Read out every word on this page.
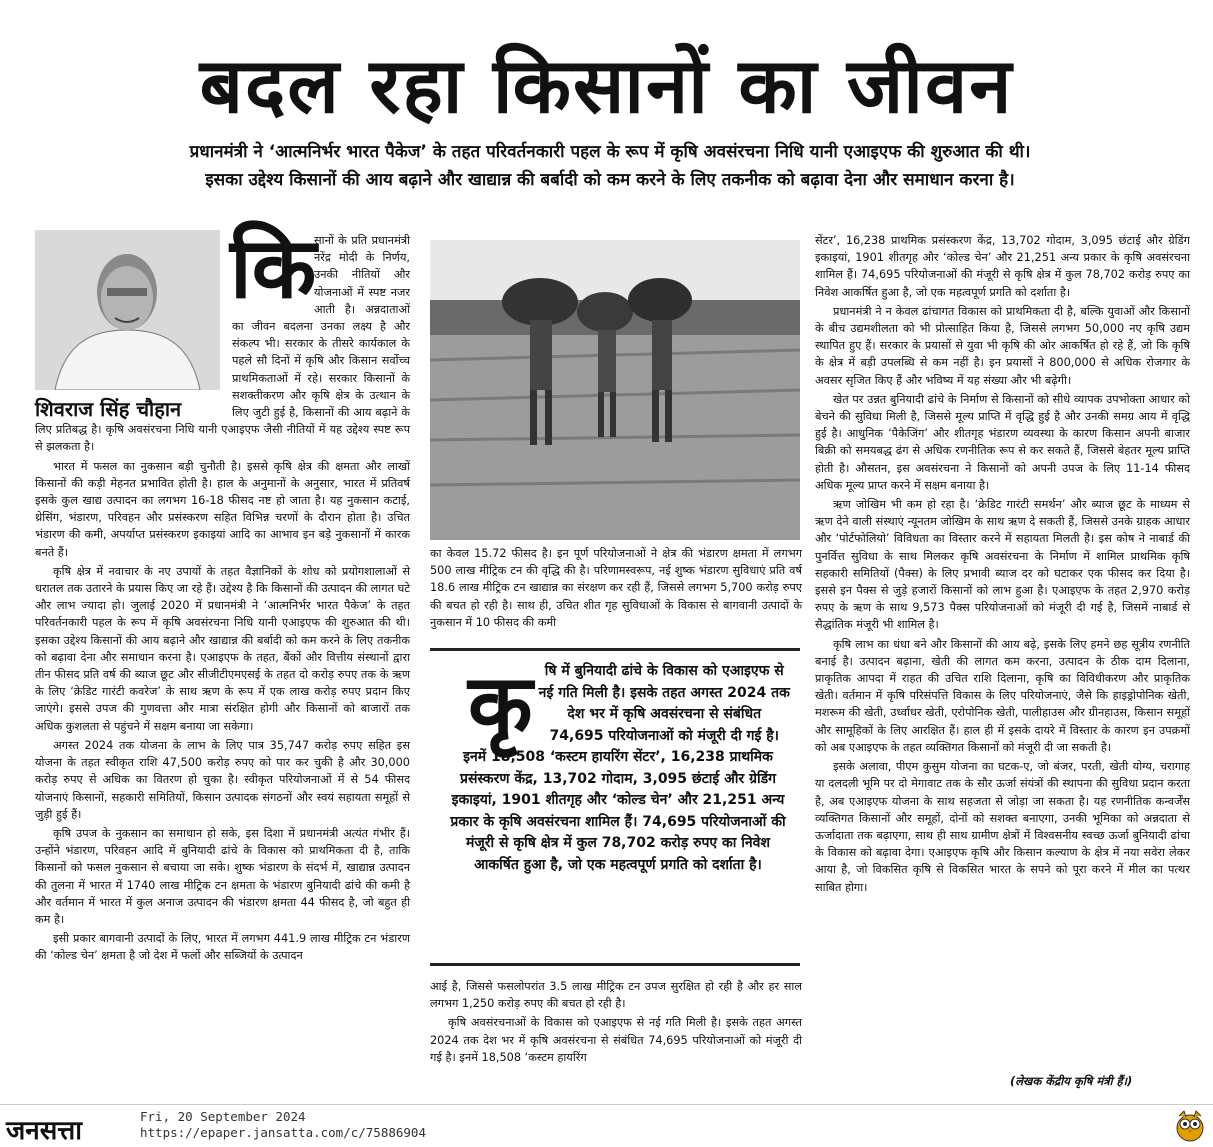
बदल रहा किसानों का जीवन
प्रधानमंत्री ने ‘आत्मनिर्भर भारत पैकेज’ के तहत परिवर्तनकारी पहल के रूप में कृषि अवसंरचना निधि यानी एआइएफ की शुरुआत की थी।
इसका उद्देश्य किसानों की आय बढ़ाने और खाद्यान्न की बर्बादी को कम करने के लिए तकनीक को बढ़ावा देना और समाधान करना है।
शिवराज सिंह चौहान
कि

सानों के प्रति प्रधानमंत्री नरेंद्र मोदी के निर्णय, उनकी नीतियों और योजनाओं में स्पष्ट नजर आती है। अन्नदाताओं का जीवन बदलना उनका लक्ष्य है और संकल्प भी। सरकार के तीसरे कार्यकाल के पहले सौ दिनों में कृषि और किसान सर्वोच्च प्राथमिकताओं में रहे। सरकार किसानों के सशक्तीकरण और कृषि क्षेत्र के उत्थान के लिए जुटी हुई है, किसानों की आय बढ़ाने के लिए प्रतिबद्ध है। कृषि अवसंरचना निधि यानी एआइएफ जैसी नीतियों में यह उद्देश्य स्पष्ट रूप से झलकता है।

भारत में फसल का नुकसान बड़ी चुनौती है। इससे कृषि क्षेत्र की क्षमता और लाखों किसानों की कड़ी मेहनत प्रभावित होती है। हाल के अनुमानों के अनुसार, भारत में प्रतिवर्ष इसके कुल खाद्य उत्पादन का लगभग 16-18 फीसद नष्ट हो जाता है। यह नुकसान कटाई, थ्रेसिंग, भंडारण, परिवहन और प्रसंस्करण सहित विभिन्न चरणों के दौरान होता है। उचित भंडारण की कमी, अपर्याप्त प्रसंस्करण इकाइयां आदि का आभाव इन बड़े नुकसानों में कारक बनते हैं।

कृषि क्षेत्र में नवाचार के नए उपायों के तहत वैज्ञानिकों के शोध को प्रयोगशालाओं से धरातल तक उतारने के प्रयास किए जा रहे हैं। उद्देश्य है कि किसानों की उत्पादन की लागत घटे और लाभ ज्यादा हो। जुलाई 2020 में प्रधानमंत्री ने ‘आत्मनिर्भर भारत पैकेज’ के तहत परिवर्तनकारी पहल के रूप में कृषि अवसंरचना निधि यानी एआइएफ की शुरुआत की थी। इसका उद्देश्य किसानों की आय बढ़ाने और खाद्यान्न की बर्बादी को कम करने के लिए तकनीक को बढ़ावा देना और समाधान करना है। एआइएफ के तहत, बैंकों और वित्तीय संस्थानों द्वारा तीन फीसद प्रति वर्ष की ब्याज छूट और सीजीटीएमएसई के तहत दो करोड़ रुपए तक के ऋण के लिए ‘क्रेडिट गारंटी कवरेज’ के साथ ऋण के रूप में एक लाख करोड़ रुपए प्रदान किए जाएंगे। इससे उपज की गुणवत्ता और मात्रा संरक्षित होगी और किसानों को बाजारों तक अधिक कुशलता से पहुंचने में सक्षम बनाया जा सकेगा।

अगस्त 2024 तक योजना के लाभ के लिए पात्र 35,747 करोड़ रुपए सहित इस योजना के तहत स्वीकृत राशि 47,500 करोड़ रुपए को पार कर चुकी है और 30,000 करोड़ रुपए से अधिक का वितरण हो चुका है। स्वीकृत परियोजनाओं में से 54 फीसद योजनाएं किसानों, सहकारी समितियों, किसान उत्पादक संगठनों और स्वयं सहायता समूहों से जुड़ी हुई हैं।

कृषि उपज के नुकसान का समाधान हो सके, इस दिशा में प्रधानमंत्री अत्यंत गंभीर हैं। उन्होंने भंडारण, परिवहन आदि में बुनियादी ढांचे के विकास को प्राथमिकता दी है, ताकि किसानों को फसल नुकसान से बचाया जा सके। शुष्क भंडारण के संदर्भ में, खाद्यान्न उत्पादन की तुलना में भारत में 1740 लाख मीट्रिक टन क्षमता के भंडारण बुनियादी ढांचे की कमी है और वर्तमान में भारत में कुल अनाज उत्पादन की भंडारण क्षमता 44 फीसद है, जो बहुत ही कम है।

इसी प्रकार बागवानी उत्पादों के लिए, भारत में लगभग 441.9 लाख मीट्रिक टन भंडारण की ‘कोल्ड चेन’ क्षमता है जो देश में फलों और सब्जियों के उत्पादन

का केवल 15.72 फीसद है। इन पूर्ण परियोजनाओं ने क्षेत्र की भंडारण क्षमता में लगभग 500 लाख मीट्रिक टन की वृद्धि की है। परिणामस्वरूप, नई शुष्क भंडारण सुविधाएं प्रति वर्ष 18.6 लाख मीट्रिक टन खाद्यान्न का संरक्षण कर रही हैं, जिससे लगभग 5,700 करोड़ रुपए की बचत हो रही है। साथ ही, उचित शीत गृह सुविधाओं के विकास से बागवानी उत्पादों के नुकसान में 10 फीसद की कमी

कृ षि में बुनियादी ढांचे के विकास को एआइएफ से नई गति मिली है। इसके तहत अगस्त 2024 तक देश भर में कृषि अवसंरचना से संबंधित 74,695 परियोजनाओं को मंजूरी दी गई है। इनमें 18,508 ‘कस्टम हायरिंग सेंटर’, 16,238 प्राथमिक प्रसंस्करण केंद्र, 13,702 गोदाम, 3,095 छंटाई और ग्रेडिंग इकाइयां, 1901 शीतगृह और ‘कोल्ड चेन’ और 21,251 अन्य प्रकार के कृषि अवसंरचना शामिल हैं। 74,695 परियोजनाओं की मंजूरी से कृषि क्षेत्र में कुल 78,702 करोड़ रुपए का निवेश आकर्षित हुआ है, जो एक महत्वपूर्ण प्रगति को दर्शाता है।

आई है, जिससे फसलोपरांत 3.5 लाख मीट्रिक टन उपज सुरक्षित हो रही है और हर साल लगभग 1,250 करोड़ रुपए की बचत हो रही है।

कृषि अवसंरचनाओं के विकास को एआइएफ से नई गति मिली है। इसके तहत अगस्त 2024 तक देश भर में कृषि अवसंरचना से संबंधित 74,695 परियोजनाओं को मंजूरी दी गई है। इनमें 18,508 ‘कस्टम हायरिंग

सेंटर’, 16,238 प्राथमिक प्रसंस्करण केंद्र, 13,702 गोदाम, 3,095 छंटाई और ग्रेडिंग इकाइयां, 1901 शीतगृह और ‘कोल्ड चेन’ और 21,251 अन्य प्रकार के कृषि अवसंरचना शामिल हैं। 74,695 परियोजनाओं की मंजूरी से कृषि क्षेत्र में कुल 78,702 करोड़ रुपए का निवेश आकर्षित हुआ है, जो एक महत्वपूर्ण प्रगति को दर्शाता है।

प्रधानमंत्री ने न केवल ढांचागत विकास को प्राथमिकता दी है, बल्कि युवाओं और किसानों के बीच उद्यमशीलता को भी प्रोत्साहित किया है, जिससे लगभग 50,000 नए कृषि उद्यम स्थापित हुए हैं। सरकार के प्रयासों से युवा भी कृषि की ओर आकर्षित हो रहे हैं, जो कि कृषि के क्षेत्र में बड़ी उपलब्धि से कम नहीं है। इन प्रयासों ने 800,000 से अधिक रोजगार के अवसर सृजित किए हैं और भविष्य में यह संख्या और भी बढ़ेगी।

खेत पर उन्नत बुनियादी ढांचे के निर्माण से किसानों को सीधे व्यापक उपभोक्ता आधार को बेचने की सुविधा मिली है, जिससे मूल्य प्राप्ति में वृद्धि हुई है और उनकी समग्र आय में वृद्धि हुई है। आधुनिक ‘पैकेजिंग’ और शीतगृह भंडारण व्यवस्था के कारण किसान अपनी बाजार बिक्री को समयबद्ध ढंग से अधिक रणनीतिक रूप से कर सकते हैं, जिससे बेहतर मूल्य प्राप्ति होती है। औसतन, इस अवसंरचना ने किसानों को अपनी उपज के लिए 11-14 फीसद अधिक मूल्य प्राप्त करने में सक्षम बनाया है।

ऋण जोखिम भी कम हो रहा है। ‘क्रेडिट गारंटी समर्थन’ और ब्याज छूट के माध्यम से ऋण देने वाली संस्थाएं न्यूनतम जोखिम के साथ ऋण दे सकती हैं, जिससे उनके ग्राहक आधार और ‘पोर्टफोलियो’ विविधता का विस्तार करने में सहायता मिलती है। इस कोष ने नाबार्ड की पुनर्वित्त सुविधा के साथ मिलकर कृषि अवसंरचना के निर्माण में शामिल प्राथमिक कृषि सहकारी समितियों (पैक्स) के लिए प्रभावी ब्याज दर को घटाकर एक फीसद कर दिया है। इससे इन पैक्स से जुड़े हजारों किसानों को लाभ हुआ है। एआइएफ के तहत 2,970 करोड़ रुपए के ऋण के साथ 9,573 पैक्स परियोजनाओं को मंजूरी दी गई है, जिसमें नाबार्ड से सैद्धांतिक मंजूरी भी शामिल है।

कृषि लाभ का धंधा बने और किसानों की आय बढ़े, इसके लिए हमने छह सूत्रीय रणनीति बनाई है। उत्पादन बढ़ाना, खेती की लागत कम करना, उत्पादन के ठीक दाम दिलाना, प्राकृतिक आपदा में राहत की उचित राशि दिलाना, कृषि का विविधीकरण और प्राकृतिक खेती। वर्तमान में कृषि परिसंपत्ति विकास के लिए परियोजनाएं, जैसे कि हाइड्रोपोनिक खेती, मशरूम की खेती, उर्ध्वाधर खेती, एरोपोनिक खेती, पालीहाउस और ग्रीनहाउस, किसान समूहों और सामूहिकों के लिए आरक्षित हैं। हाल ही में इसके दायरे में विस्तार के कारण इन उपक्रमों को अब एआइएफ के तहत व्यक्तिगत किसानों को मंजूरी दी जा सकती है।

इसके अलावा, पीएम कुसुम योजना का घटक-ए, जो बंजर, परती, खेती योग्य, चरागाह या दलदली भूमि पर दो मेगावाट तक के सौर ऊर्जा संयंत्रों की स्थापना की सुविधा प्रदान करता है, अब एआइएफ योजना के साथ सहजता से जोड़ा जा सकता है। यह रणनीतिक कन्वर्जेंस व्यक्तिगत किसानों और समूहों, दोनों को सशक्त बनाएगा, उनकी भूमिका को अन्नदाता से ऊर्जादाता तक बढ़ाएगा, साथ ही साथ ग्रामीण क्षेत्रों में विश्वसनीय स्वच्छ ऊर्जा बुनियादी ढांचा के विकास को बढ़ावा देगा। एआइएफ कृषि और किसान कल्याण के क्षेत्र में नया सवेरा लेकर आया है, जो विकसित कृषि से विकसित भारत के सपने को पूरा करने में मील का पत्थर साबित होगा।

(लेखक केंद्रीय कृषि मंत्री हैं।)
जनसत्ता	Fri, 20 September 2024
https://epaper.jansatta.com/c/75886904
